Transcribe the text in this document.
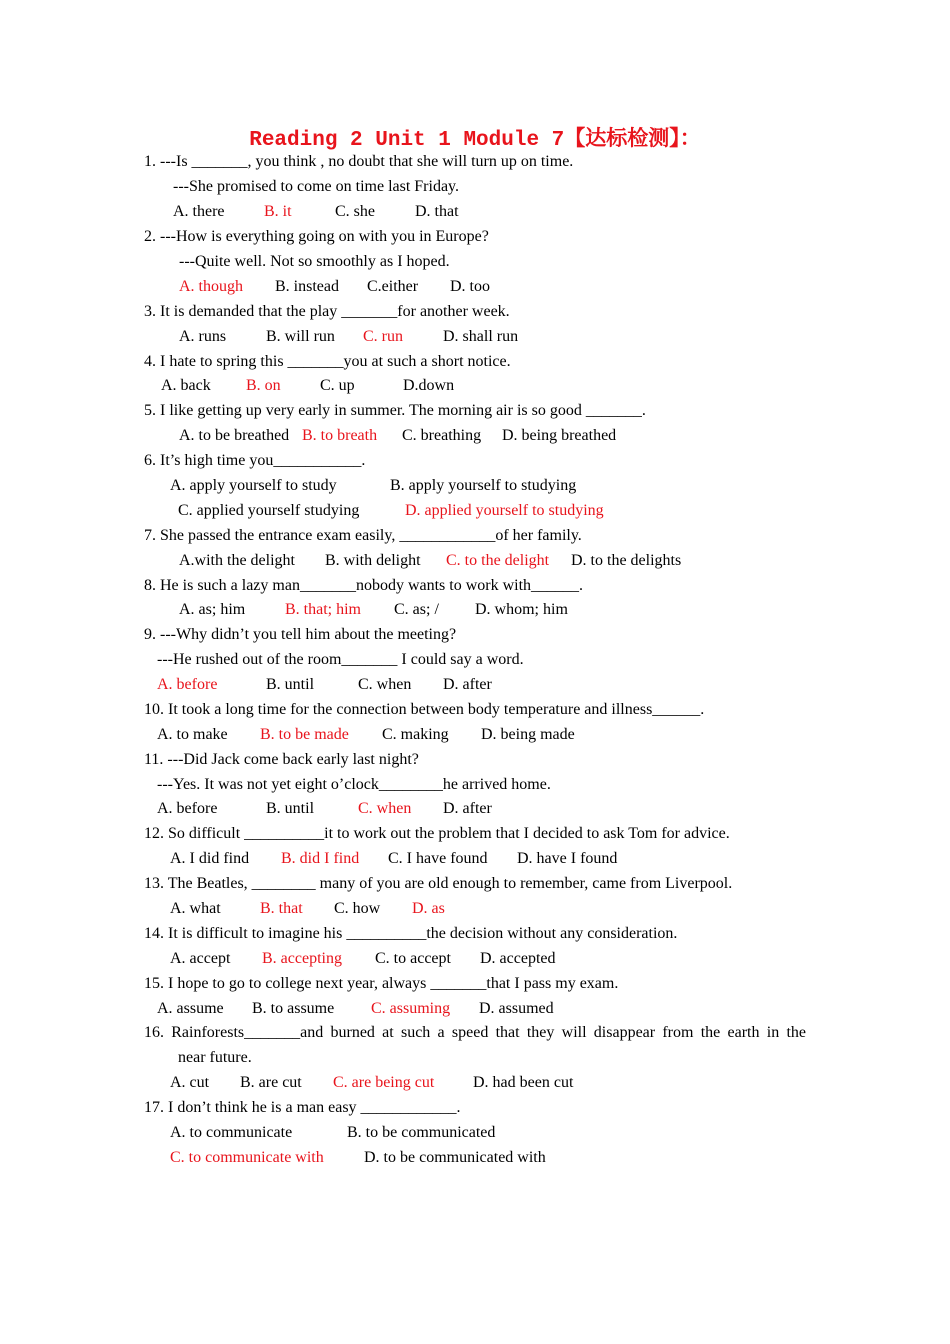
Reading 2 Unit 1 Module 7【达标检测】：
1. ---Is _______, you think , no doubt that she will turn up on time.
---She promised to come on time last Friday.
A. there B. it	C. she	D. that
2. ---How is everything going on with you in Europe?
---Quite well. Not so smoothly as I hoped.
A. though B. instead C.either D. too
3. It is demanded that the play _______for another week.
A. runs B. will run C. run	D. shall run
4. I hate to spring this _______you at such a short notice.
A. back B. on C. up	D.down
5. I like getting up very early in summer. The morning air is so good _______.
A. to be breathed B. to breath C. breathing D. being breathed
6. It’s high time you___________.
A. apply yourself to study	B. apply yourself to studying
C. applied yourself studying	D. applied yourself to studying
7. She passed the entrance exam easily, ____________of her family.
A.with the delight B. with delight C. to the delight D. to the delights
8. He is such a lazy man_______nobody wants to work with______.
A. as; him B. that; him C. as; / D. whom; him
9. ---Why didn’t you tell him about the meeting?
---He rushed out of the room_______ I could say a word.
A. before	B. until	C. when D. after
10. It took a long time for the connection between body temperature and illness______.
A. to make B. to be made C. making D. being made
11. ---Did Jack come back early last night?
---Yes. It was not yet eight o’clock________he arrived home.
A. before	B. until	C. when D. after
12. So difficult __________it to work out the problem that I decided to ask Tom for advice.
A. I did find B. did I find C. I have found D. have I found
13. The Beatles, ________ many of you are old enough to remember, came from Liverpool.
A. what B. that C. how D. as
14. It is difficult to imagine his __________the decision without any consideration.
A. accept B. accepting C. to accept D. accepted
15. I hope to go to college next year, always _______that I pass my exam.
A. assume B. to assume C. assuming D. assumed
16. Rainforests_______and burned at such a speed that they will disappear from the earth in the
near future.
A. cut B. are cut C. are being cut D. had been cut
17. I don’t think he is a man easy ____________.
A. to communicate	B. to be communicated
C. to communicate with	D. to be communicated with
